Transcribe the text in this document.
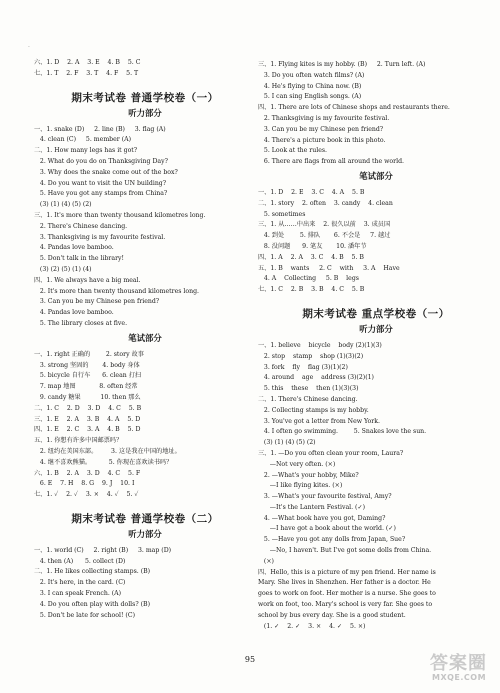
·
六、1. D    2. A    3. E    4. B    5. C
七、1. T    2. F    3. T    4. F    5. T
期末考试卷 普通学校卷（一）
听力部分
一、1. snake (D)     2. line (B)     3. flag (A)
4. clean (C)     5. member (A)
二、1. How many legs has it got?
2. What do you do on Thanksgiving Day?
3. Why does the snake come out of the box?
4. Do you want to visit the UN building?
5. Have you got any stamps from China?
(3) (1) (4) (5) (2)
三、1. It's more than twenty thousand kilometres long.
2. There's Chinese dancing.
3. Thanksgiving is my favourite festival.
4. Pandas love bamboo.
5. Don't talk in the library!
(3) (2) (5) (1) (4)
四、1. We always have a big meal.
2. It's more than twenty thousand kilometres long.
3. Can you be my Chinese pen friend?
4. Pandas love bamboo.
5. The library closes at five.
笔试部分
一、1. right 正确的        2. story 故事
3. strong 坚固的       4. body 身体
5. bicycle 自行车      6. clean 打扫
7. map 地图            8. often 经常
9. candy 糖果          10. then 那么
二、1. C    2. D    3. D    4. C    5. B
三、1. E    2. A    3. B    4. A    5. D
四、1. E    2. C    3. A    4. B    5. D
五、1. 你想有许多中国邮票吗？
2. 纽约在美国东部。       3. 这是我在中国的地址。
4. 继不喜欢熊猫。         5. 你现在喜欢读书吗？
六、1. B    2. A    3. D    4. C    5. F
6. E    7. H    8. G    9. J    10. I
七、1. ✓    2. ✓    3. ×    4. ✓    5. ✓
期末考试卷 普通学校卷（二）
听力部分
一、1. world (C)     2. right (B)     3. map (D)
4. then (A)      5. collect (D)
二、1. He likes collecting stamps. (B)
2. It's here, in the card. (C)
3. I can speak French. (A)
4. Do you often play with dolls? (B)
5. Don't be late for school! (C)
三、1. Flying kites is my hobby. (B)     2. Turn left. (A)
3. Do you often watch films? (A)
4. He's flying to China now. (B)
5. I can sing English songs. (A)
四、1. There are lots of Chinese shops and restaurants there.
2. Thanksgiving is my favourite festival.
3. Can you be my Chinese pen friend?
4. There's a picture book in this photo.
5. Look at the rules.
6. There are flags from all around the world.
笔试部分
一、1. D    2. E    3. C    4. A    5. B
二、1. story    2. often    3. candy    4. clean
5. sometimes
三、1. 从……中出来    2. 很久以前    3. 成员国
4. 到处        5. 排队       6. 不会是     7. 越过
8. 没问题      9. 笔友       10. 潘年节
四、1. A    2. A    3. C    4. B    5. B
五、1. B    wants     2. C    with     3. A    Have
4. A    Collecting     5. B    legs
七、1. C    2. B    3. B    4. C    5. B
期末考试卷 重点学校卷（一）
听力部分
一、1. believe    bicycle    body (2)(1)(3)
2. stop    stamp    shop (1)(3)(2)
3. fork    fly    flag (3)(1)(2)
4. around    age    address (3)(2)(1)
5. this    these    then (1)(3)(3)
二、1. There's Chinese dancing.
2. Collecting stamps is my hobby.
3. You've got a letter from New York.
4. I often go swimming.        5. Snakes love the sun.
(3) (1) (4) (5) (2)
三、1. —Do you often clean your room, Laura?
—Not very often. (×)
2. —What's your hobby, Mike?
—I like flying kites. (×)
3. —What's your favourite festival, Amy?
—It's the Lantern Festival. (✓)
4. —What book have you got, Daming?
—I have got a book about the world. (✓)
5. —Have you got any dolls from Japan, Sue?
—No, I haven't. But I've got some dolls from China.
(×)
四、Hello, this is a picture of my pen friend. Her name is
Mary. She lives in Shenzhen. Her father is a doctor. He
goes to work on foot. Her mother is a nurse. She goes to
work on foot, too. Mary's school is very far. She goes to
school by bus every day. She is a good student.
(1. ✓    2. ✓    3. ×    4. ✓    5. ×)
95	答案圈
MXQE.COM
